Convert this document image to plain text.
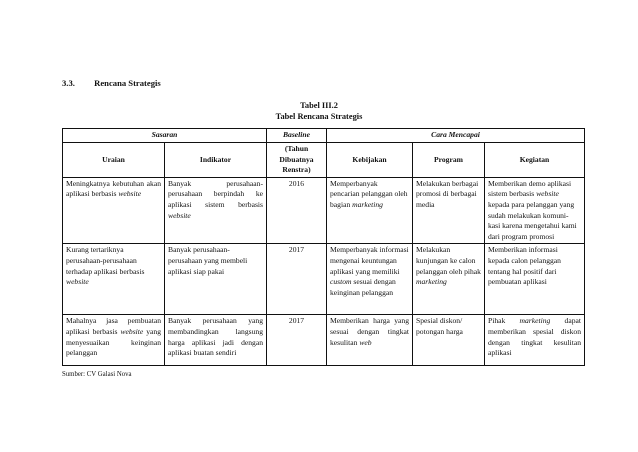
3.3. Rencana Strategis
Tabel III.2
Tabel Rencana Strategis
Sasaran		Baseline	Cara Mencapai		
Uraian	Indikator	(Tahun Dibuatnya Renstra)	Kebijakan	Program	Kegiatan
Meningkatnya kebutuhan akan aplikasi berbasis website	Banyak perusahaan- perusahaan berpindah ke aplikasi sistem berbasis website	2016	Memperbanyak pencarian pelanggan oleh bagian marketing	Melakukan berbagai promosi di berbagai media	Memberikan demo aplikasi sistem berbasis website kepada para pelanggan yang sudah melakukan komuni- kasi karena mengetahui kami dari program promosi
Kurang tertariknya perusahaan-perusahaan terhadap aplikasi berbasis website	Banyak perusahaan- perusahaan yang membeli aplikasi siap pakai	2017	Memperbanyak informasi mengenai keuntungan aplikasi yang memiliki custom sesuai dengan keinginan pelanggan	Melakukan kunjungan ke calon pelanggan oleh pihak marketing	Memberikan informasi kepada calon pelanggan tentang hal positif dari pembuatan aplikasi
Mahalnya jasa pembuatan aplikasi berbasis website yang menyesuaikan keinginan pelanggan	Banyak perusahaan yang membandingkan langsung harga aplikasi jadi dengan aplikasi buatan sendiri	2017	Memberikan harga yang sesuai dengan tingkat kesulitan web	Spesial diskon/ potongan harga	Pihak marketing dapat memberikan spesial diskon dengan tingkat kesulitan aplikasi
Sumber: CV Galasi Nova
